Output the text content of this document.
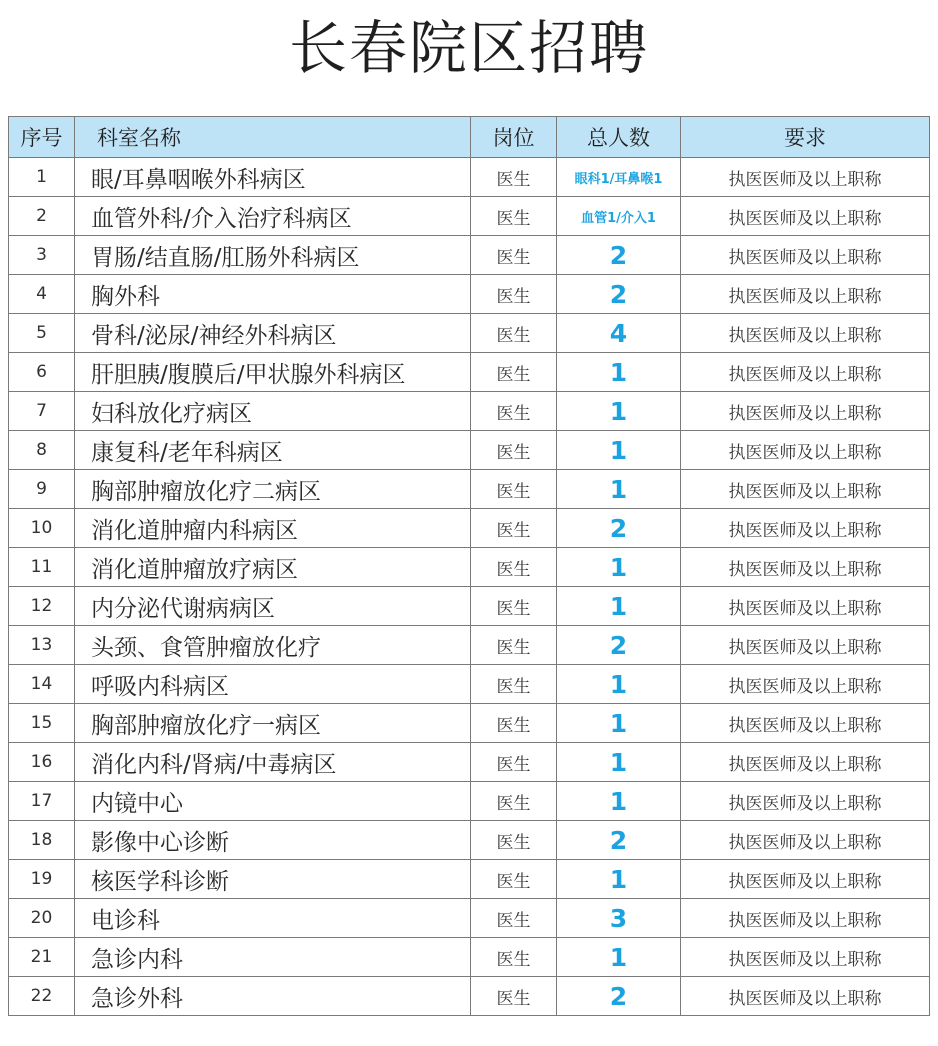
长春院区招聘
序号	科室名称	岗位	总人数	要求
1	眼/耳鼻咽喉外科病区	医生	眼科1/耳鼻喉1	执医医师及以上职称
2	血管外科/介入治疗科病区	医生	血管1/介入1	执医医师及以上职称
3	胃肠/结直肠/肛肠外科病区	医生	2	执医医师及以上职称
4	胸外科	医生	2	执医医师及以上职称
5	骨科/泌尿/神经外科病区	医生	4	执医医师及以上职称
6	肝胆胰/腹膜后/甲状腺外科病区	医生	1	执医医师及以上职称
7	妇科放化疗病区	医生	1	执医医师及以上职称
8	康复科/老年科病区	医生	1	执医医师及以上职称
9	胸部肿瘤放化疗二病区	医生	1	执医医师及以上职称
10	消化道肿瘤内科病区	医生	2	执医医师及以上职称
11	消化道肿瘤放疗病区	医生	1	执医医师及以上职称
12	内分泌代谢病病区	医生	1	执医医师及以上职称
13	头颈、食管肿瘤放化疗	医生	2	执医医师及以上职称
14	呼吸内科病区	医生	1	执医医师及以上职称
15	胸部肿瘤放化疗一病区	医生	1	执医医师及以上职称
16	消化内科/肾病/中毒病区	医生	1	执医医师及以上职称
17	内镜中心	医生	1	执医医师及以上职称
18	影像中心诊断	医生	2	执医医师及以上职称
19	核医学科诊断	医生	1	执医医师及以上职称
20	电诊科	医生	3	执医医师及以上职称
21	急诊内科	医生	1	执医医师及以上职称
22	急诊外科	医生	2	执医医师及以上职称
